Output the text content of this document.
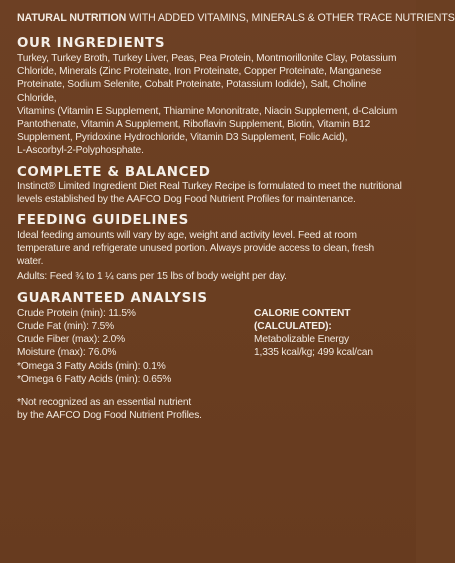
NATURAL NUTRITION WITH ADDED VITAMINS, MINERALS & OTHER TRACE NUTRIENTS
OUR INGREDIENTS
Turkey, Turkey Broth, Turkey Liver, Peas, Pea Protein, Montmorillonite Clay, Potassium
Chloride, Minerals (Zinc Proteinate, Iron Proteinate, Copper Proteinate, Manganese
Proteinate, Sodium Selenite, Cobalt Proteinate, Potassium Iodide), Salt, Choline Chloride,
Vitamins (Vitamin E Supplement, Thiamine Mononitrate, Niacin Supplement, d-Calcium
Pantothenate, Vitamin A Supplement, Riboflavin Supplement, Biotin, Vitamin B12
Supplement, Pyridoxine Hydrochloride, Vitamin D3 Supplement, Folic Acid),
L-Ascorbyl-2-Polyphosphate.
COMPLETE & BALANCED
Instinct® Limited Ingredient Diet Real Turkey Recipe is formulated to meet the nutritional
levels established by the AAFCO Dog Food Nutrient Profiles for maintenance.
FEEDING GUIDELINES
Ideal feeding amounts will vary by age, weight and activity level. Feed at room
temperature and refrigerate unused portion. Always provide access to clean, fresh water.
Adults: Feed ¾ to 1 ¼ cans per 15 lbs of body weight per day.
GUARANTEED ANALYSIS
Crude Protein (min): 11.5%
Crude Fat (min): 7.5%
Crude Fiber (max): 2.0%
Moisture (max): 76.0%
*Omega 3 Fatty Acids (min): 0.1%
*Omega 6 Fatty Acids (min): 0.65%
CALORIE CONTENT (CALCULATED):
Metabolizable Energy
1,335 kcal/kg; 499 kcal/can
*Not recognized as an essential nutrient
by the AAFCO Dog Food Nutrient Profiles.
